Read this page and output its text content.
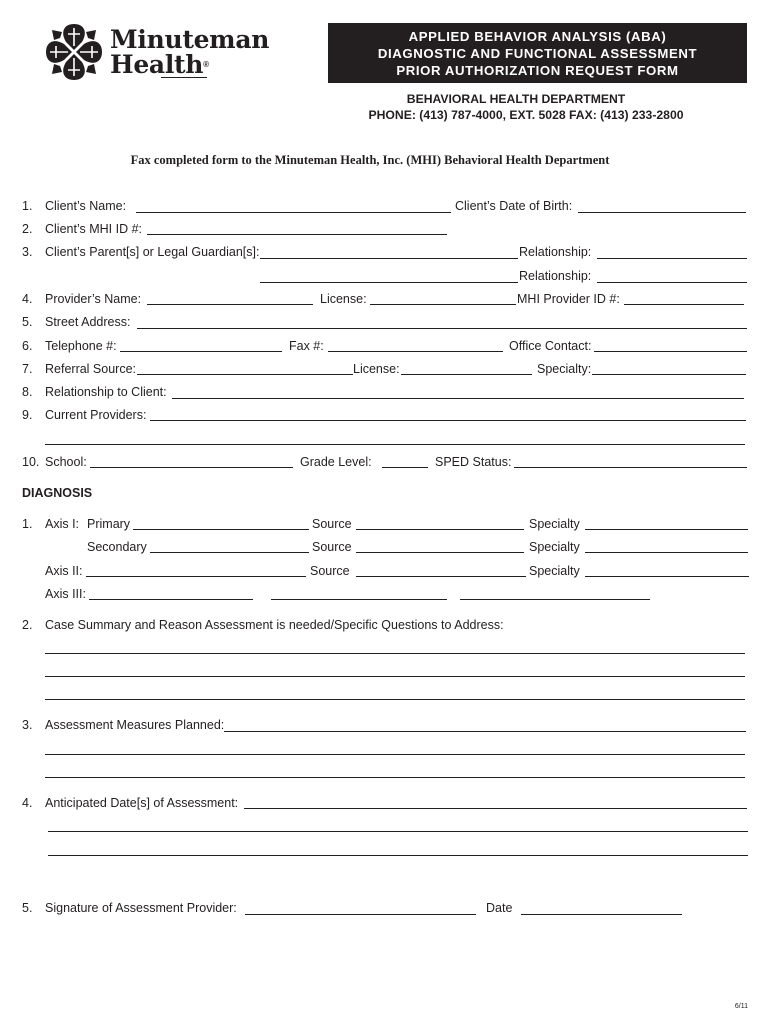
Minuteman
Health®
APPLIED BEHAVIOR ANALYSIS (ABA)
DIAGNOSTIC AND FUNCTIONAL ASSESSMENT
PRIOR AUTHORIZATION REQUEST FORM
BEHAVIORAL HEALTH DEPARTMENT
PHONE: (413) 787-4000, EXT. 5028 FAX: (413) 233-2800
Fax completed form to the Minuteman Health, Inc. (MHI) Behavioral Health Department
1. Client’s Name:	Client’s Date of Birth:
2. Client’s MHI ID #:
3. Client’s Parent[s] or Legal Guardian[s]:	Relationship:
Relationship:
4. Provider’s Name:	License:	MHI Provider ID #:
5. Street Address:
6. Telephone #:	Fax #:	Office Contact:
7. Referral Source:	License:	Specialty:
8. Relationship to Client:
9. Current Providers:
10. School:	Grade Level:	SPED Status:
DIAGNOSIS
1. Axis I: Primary	Source	Specialty
Secondary	Source	Specialty
Axis II:	Source	Specialty
Axis III:
2. Case Summary and Reason Assessment is needed/Specific Questions to Address:
3. Assessment Measures Planned:
4. Anticipated Date[s] of Assessment:
5. Signature of Assessment Provider:	Date
6/11
